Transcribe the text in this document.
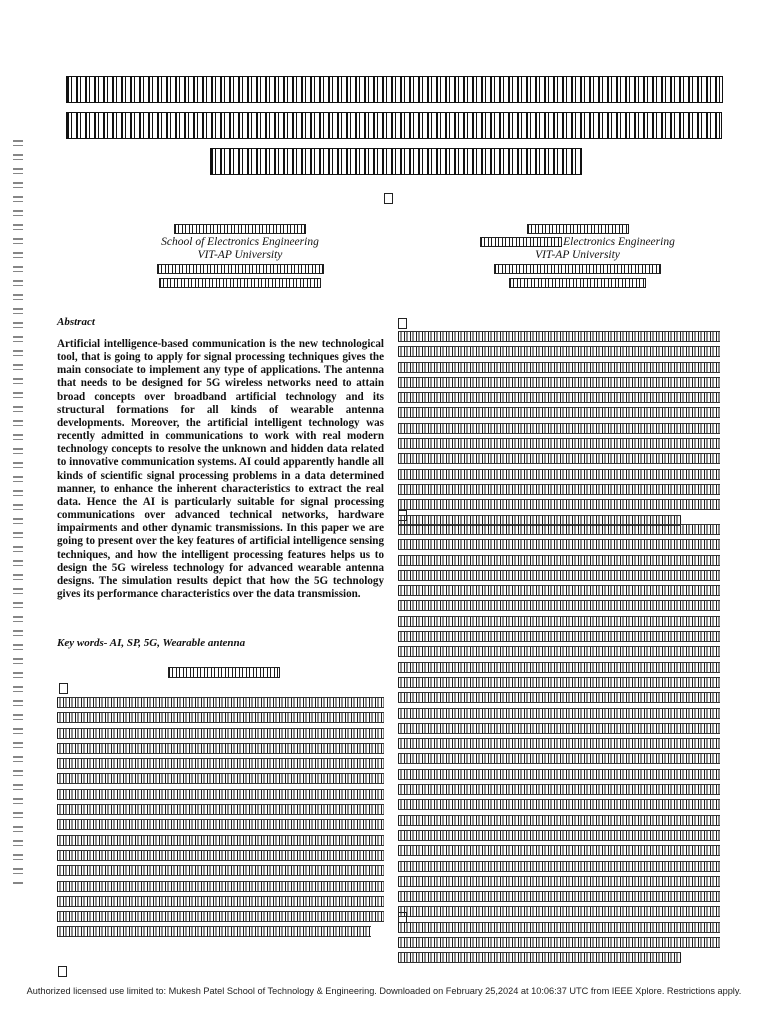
School of Electronics Engineering
VIT-AP University
Electronics Engineering
VIT-AP University
Abstract
Artificial intelligence-based communication is the new technological tool, that is going to apply for signal processing techniques gives the main consociate to implement any type of applications. The antenna that needs to be designed for 5G wireless networks need to attain broad concepts over broadband artificial technology and its structural formations for all kinds of wearable antenna developments. Moreover, the artificial intelligent technology was recently admitted in communications to work with real modern technology concepts to resolve the unknown and hidden data related to innovative communication systems. AI could apparently handle all kinds of scientific signal processing problems in a data determined manner, to enhance the inherent characteristics to extract the real data. Hence the AI is particularly suitable for signal processing communications over advanced technical networks, hardware impairments and other dynamic transmissions. In this paper we are going to present over the key features of artificial intelligence sensing techniques, and how the intelligent processing features helps us to design the 5G wireless technology for advanced wearable antenna designs. The simulation results depict that how the 5G technology gives its performance characteristics over the data transmission.
Key words- AI, SP, 5G, Wearable antenna
Authorized licensed use limited to: Mukesh Patel School of Technology & Engineering. Downloaded on February 25,2024 at 10:06:37 UTC from IEEE Xplore. Restrictions apply.
